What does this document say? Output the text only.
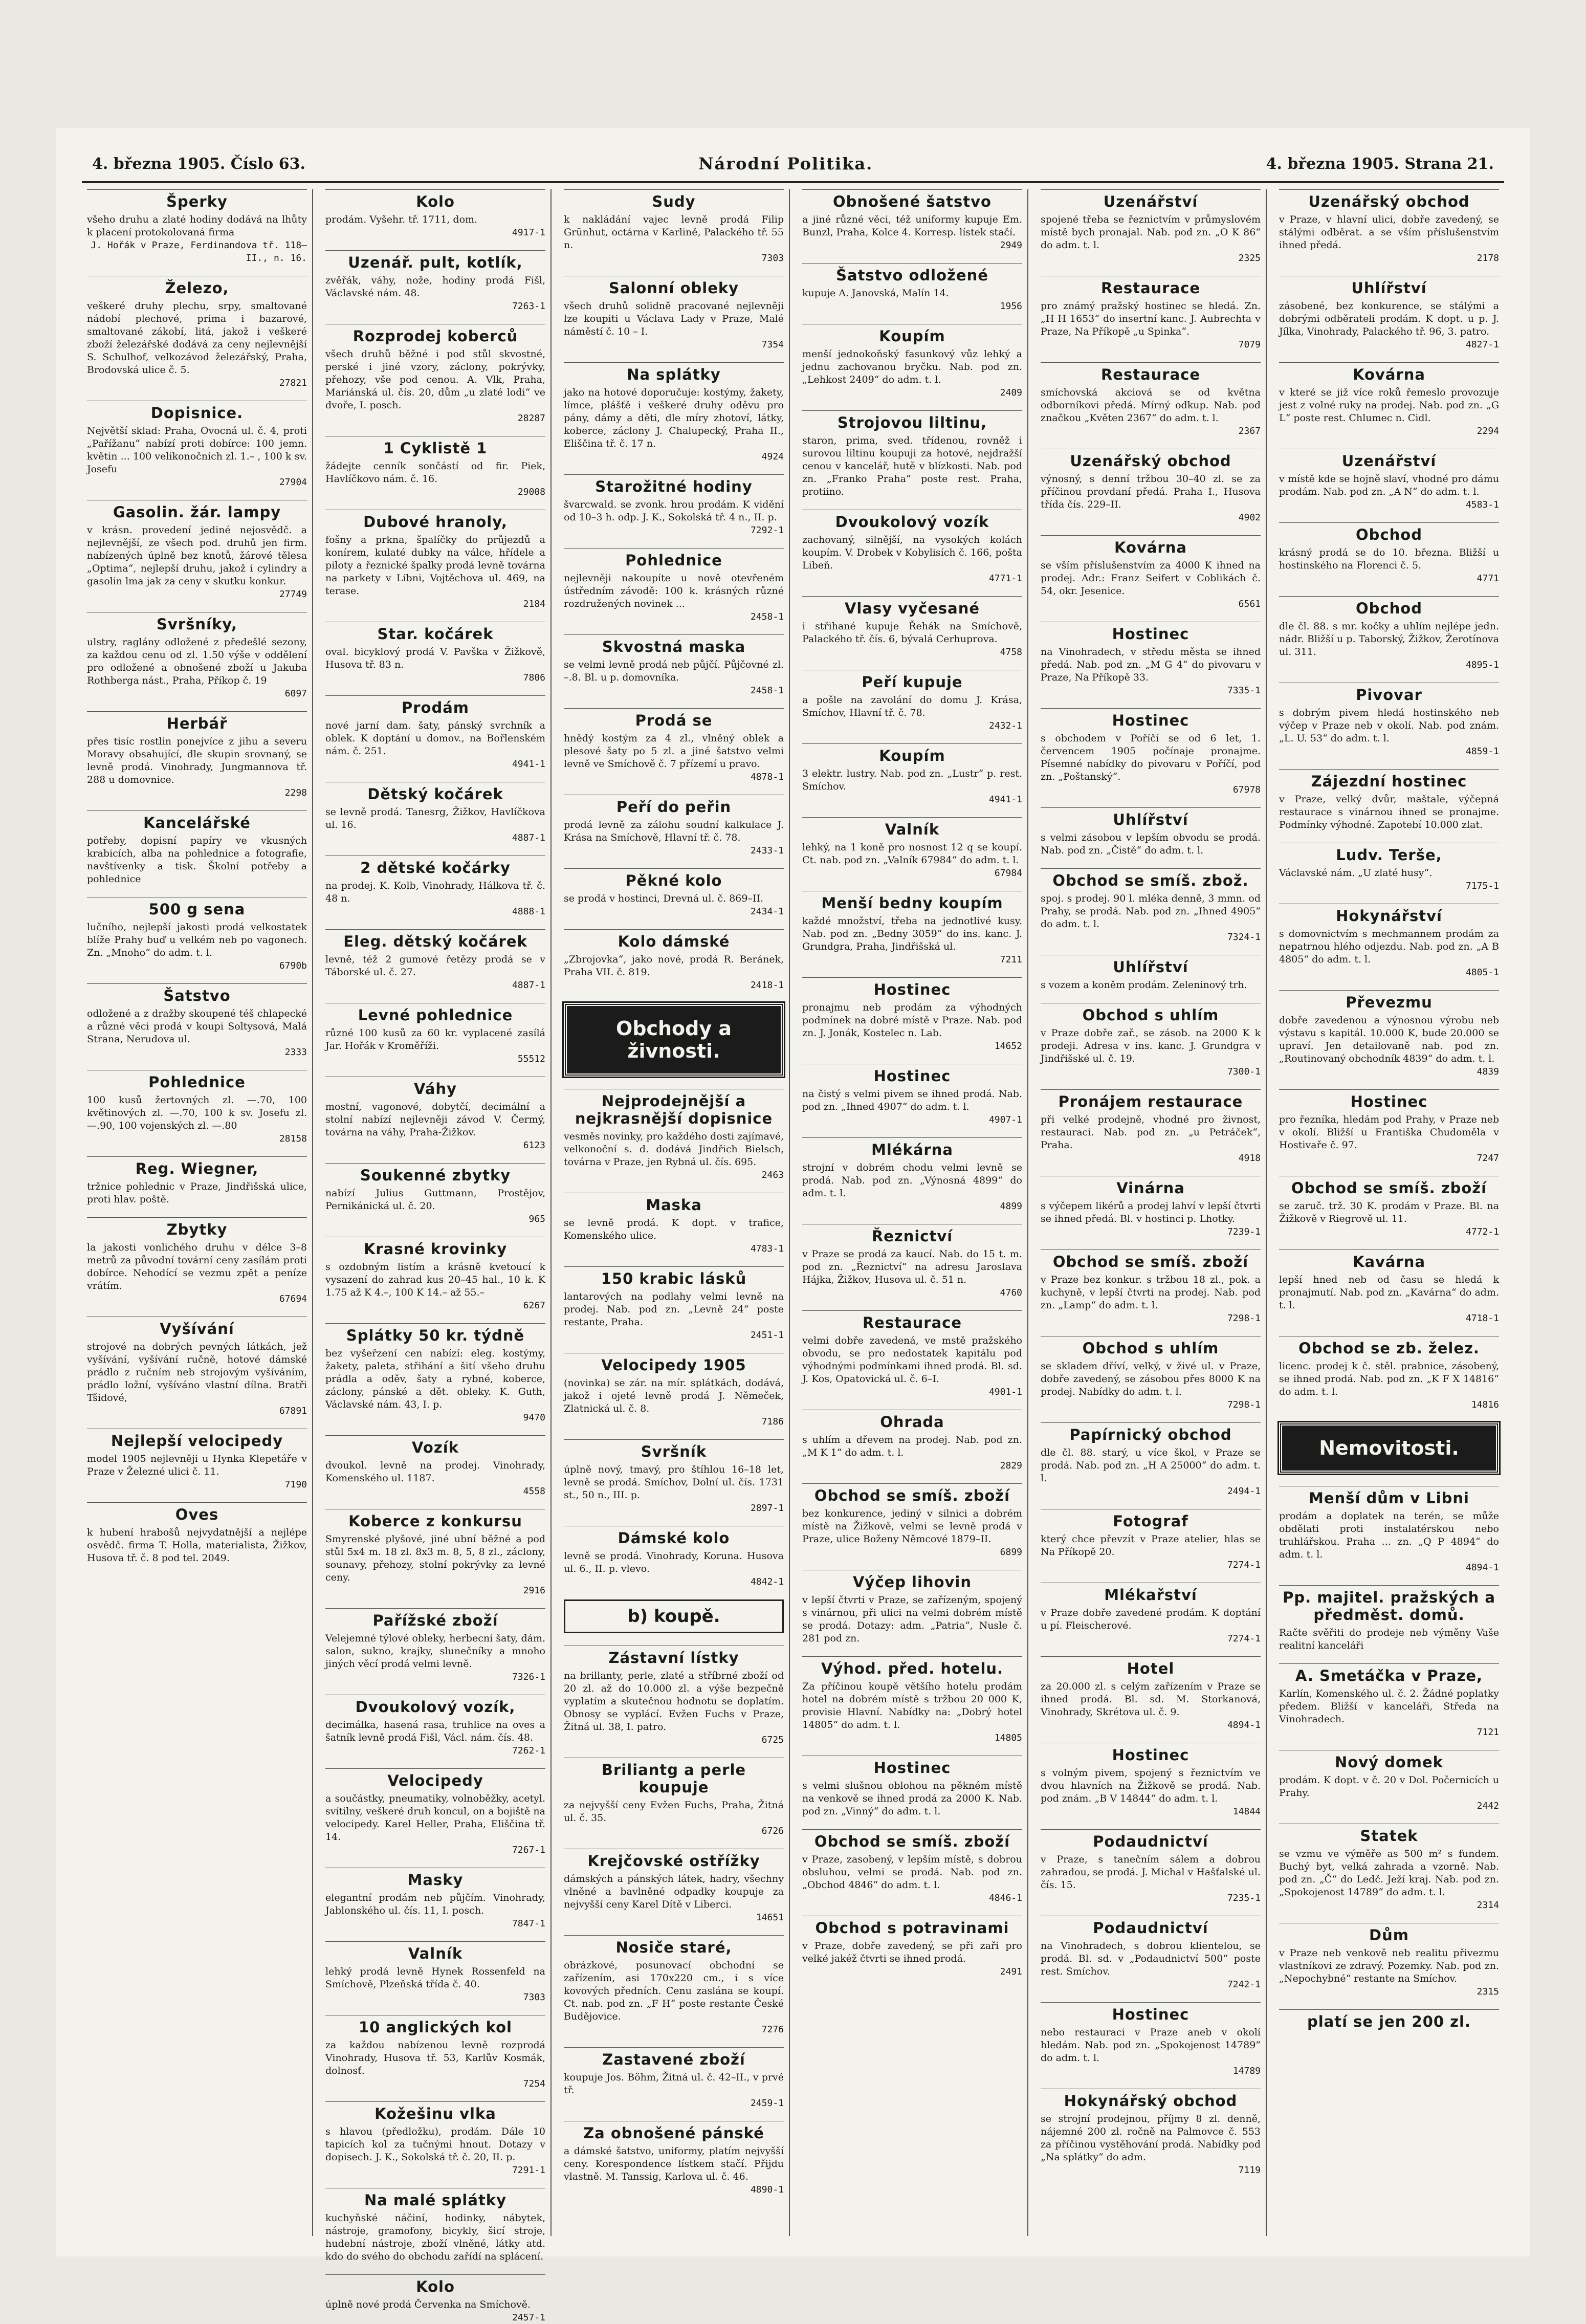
4. března 1905. Číslo 63.	Národní Politika.	4. března 1905. Strana 21.
Šperky

všeho druhu a zlaté hodiny dodává na lhůty k placení protokolovaná firma

J. Hořák v Praze, Ferdinandova tř. 118–II., n. 16.

Železo,

veškeré druhy plechu, srpy, smaltované nádobí plechové, prima i bazarové, smaltované zákobí, litá, jakož i veškeré zboží železářské dodává za ceny nejlevnější S. Schulhof, velkozávod železářský, Praha, Brodovská ulice č. 5.

27821

Dopisnice.

Největší sklad: Praha, Ovocná ul. č. 4, proti „Pařížanu“ nabízí proti dobírce: 100 jemn. květin ... 100 velikonočních zl. 1.– , 100 k sv. Josefu

27904

Gasolin. žár. lampy

v krásn. provedení jediné nejosvědč. a nejlevnější, ze všech pod. druhů jen firm. nabízených úplně bez knotů, žárové tělesa „Optima“, nejlepší druhu, jakož i cylindry a gasolin lma jak za ceny v skutku konkur.

27749

Svršníky,

ulstry, raglány odložené z předešlé sezony, za každou cenu od zl. 1.50 výše v oddělení pro odložené a obnošené zboží u Jakuba Rothberga nást., Praha, Příkop č. 19

6097

Herbář

přes tisíc rostlin ponejvíce z jihu a severu Moravy obsahující, dle skupin srovnaný, se levně prodá. Vinohrady, Jungmannova tř. 288 u domovnice.

2298

Kancelářské

potřeby, dopisní papíry ve vkusných krabicích, alba na pohlednice a fotografie, navštívenky a tisk. Školní potřeby a pohlednice

500 g sena

lučního, nejlepší jakosti prodá velkostatek blíže Prahy buď u velkém neb po vagonech. Zn. „Mnoho“ do adm. t. l.

6790b

Šatstvo

odložené a z dražby skoupené téš chlapecké a různé věci prodá v koupi Soltysová, Malá Strana, Nerudova ul.

2333

Pohlednice

100 kusů žertovných zl. —.70, 100 květinových zl. —.70, 100 k sv. Josefu zl. —.90, 100 vojenských zl. —.80

28158

Reg. Wiegner,

tržnice pohlednic v Praze, Jindřišská ulice, proti hlav. poště.

Zbytky

la jakosti vonlichého druhu v délce 3–8 metrů za původní tovární ceny zasílám proti dobírce. Nehodící se vezmu zpět a peníze vrátím.

67694

Vyšívání

strojové na dobrých pevných látkách, jež vyšívání, vyšívání ručně, hotové dámské prádlo z ručním neb strojovým vyšíváním, prádlo ložní, vyšíváno vlastní dílna. Bratři Tšidové,

67891

Nejlepší velocipedy

model 1905 nejlevněji u Hynka Klepetáře v Praze v Železné ulici č. 11.

7190

Oves

k hubení hrabošů nejvydatnější a nejlépe osvědč. firma T. Holla, materialista, Žižkov, Husova tř. č. 8 pod tel. 2049.

Kolo

prodám. Vyšehr. tř. 1711, dom.

4917-1

Uzenář. pult, kotlík,

zvěřák, váhy, nože, hodiny prodá Fišl, Václavské nám. 48.

7263-1

Rozprodej koberců

všech druhů běžné i pod stůl skvostné, perské i jiné vzory, záclony, pokrývky, přehozy, vše pod cenou. A. Vlk, Praha, Mariánská ul. čís. 20, dům „u zlaté lodi“ ve dvoře, I. posch.

28287

1 Cyklistě 1

žádejte cenník sončástí od fir. Piek, Havlíčkovo nám. č. 16.

29008

Dubové hranoly,

fošny a prkna, špalíčky do průjezdů a konírem, kulaté dubky na válce, hřídele a piloty a řeznické špalky prodá levně továrna na parkety v Libni, Vojtěchova ul. 469, na terase.

2184

Star. kočárek

oval. bicyklový prodá V. Pavška v Žižkově, Husova tř. 83 n.

7806

Prodám

nové jarní dam. šaty, pánský svrchník a oblek. K doptání u domov., na Bořlenském nám. č. 251.

4941-1

Dětský kočárek

se levně prodá. Tanesrg, Žižkov, Havlíčkova ul. 16.

4887-1

2 dětské kočárky

na prodej. K. Kolb, Vinohrady, Hálkova tř. č. 48 n.

4888-1

Eleg. dětský kočárek

levně, též 2 gumové řetězy prodá se v Táborské ul. č. 27.

4887-1

Levné pohlednice

různé 100 kusů za 60 kr. vyplacené zasílá Jar. Hořák v Kroměříži.

55512

Váhy

mostní, vagonové, dobytčí, decimální a stolní nabízí nejlevněji závod V. Čermý, továrna na váhy, Praha-Žižkov.

6123

Soukenné zbytky

nabízí Julius Guttmann, Prostějov, Pernikánická ul. č. 20.

965

Krasné krovinky

s ozdobným listím a krásně kvetoucí k vysazení do zahrad kus 20–45 hal., 10 k. K 1.75 až K 4.–, 100 K 14.– až 55.–

6267

Splátky 50 kr. týdně

bez vyšeřzení cen nabízí: eleg. kostýmy, žakety, paleta, střihání a šití všeho druhu prádla a oděv, šaty a rybné, koberce, záclony, pánské a dět. obleky. K. Guth, Václavské nám. 43, I. p.

9470

Vozík

dvoukol. levně na prodej. Vinohrady, Komenského ul. 1187.

4558

Koberce z konkursu

Smyrenské plyšové, jiné ubní běžné a pod stůl 5x4 m. 18 zl. 8x3 m. 8, 5, 8 zl., záclony, sounavy, přehozy, stolní pokrývky za levné ceny.

2916

Pařížské zboží

Velejemné týlové obleky, herbecní šaty, dám. salon, sukno, krajky, slunečníky a mnoho jiných věcí prodá velmi levně.

7326-1

Dvoukolový vozík,

decimálka, hasená rasa, truhlice na oves a šatník levně prodá Fišl, Václ. nám. čís. 48.

7262-1

Velocipedy

a součástky, pneumatiky, volnoběžky, acetyl. svítilny, veškeré druh koncul, on a bojiště na velocipedy. Karel Heller, Praha, Eliščina tř. 14.

7267-1

Masky

elegantní prodám neb půjčím. Vinohrady, Jablonského ul. čís. 11, I. posch.

7847-1

Valník

lehký prodá levně Hynek Rossenfeld na Smíchově, Plzeňská třída č. 40.

7303

10 anglických kol

za každou nabízenou levně rozprodá Vinohrady, Husova tř. 53, Karlův Kosmák, dolnosť.

7254

Kožešinu vlka

s hlavou (předložku), prodám. Dále 10 tapicích kol za tučnými hnout. Dotazy v dopisech. J. K., Sokolská tř. č. 20, II. p.

7291-1

Na malé splátky

kuchyňské náčiní, hodinky, nábytek, nástroje, gramofony, bicykly, šicí stroje, hudební nástroje, zboží vlněné, látky atd. kdo do svého do obchodu zařídí na splácení.

Kolo

úplně nové prodá Červenka na Smíchově.

2457-1

Sudy

k nakládání vajec levně prodá Filip Grünhut, octárna v Karlině, Palackého tř. 55 n.

7303

Salonní obleky

všech druhů solidně pracované nejlevněji lze koupiti u Václava Lady v Praze, Malé náměstí č. 10 – I.

7354

Na splátky

jako na hotové doporučuje: kostýmy, žakety, límce, plášťě i veškeré druhy oděvu pro pány, dámy a děti, dle míry zhotoví, látky, koberce, záclony J. Chalupecký, Praha II., Eliščina tř. č. 17 n.

4924

Starožitné hodiny

švarcwald. se zvonk. hrou prodám. K vidění od 10–3 h. odp. J. K., Sokolská tř. 4 n., II. p.

7292-1

Pohlednice

nejlevněji nakoupíte u nově otevřeném ústředním závodě: 100 k. krásných různé rozdružených novinek ...

2458-1

Skvostná maska

se velmi levně prodá neb půjčí. Půjčovné zl. –.8. Bl. u p. domovníka.

2458-1

Prodá se

hnědý kostým za 4 zl., vlněný oblek a plesové šaty po 5 zl. a jiné šatstvo velmi levně ve Smíchově č. 7 přízemí u pravo.

4878-1

Peří do peřin

prodá levně za zálohu soudní kalkulace J. Krása na Smíchově, Hlavní tř. č. 78.

2433-1

Pěkné kolo

se prodá v hostinci, Drevná ul. č. 869–II.

2434-1

Kolo dámské

„Zbrojovka“, jako nové, prodá R. Beránek, Praha VII. č. 819.

2418-1

Obchody a živnosti.
Nejprodejnější a nejkrasnější dopisnice

vesměs novinky, pro každého dosti zajímavé, velkonoční s. d. dodává Jindřich Bielsch, továrna v Praze, jen Rybná ul. čís. 695.

2463

Maska

se levně prodá. K dopt. v trafice, Komenského ulice.

4783-1

150 krabic lásků

lantarových na podlahy velmi levně na prodej. Nab. pod zn. „Levně 24“ poste restante, Praha.

2451-1

Velocipedy 1905

(novinka) se zár. na mír. splátkách, dodává, jakož i ojeté levně prodá J. Němeček, Zlatnická ul. č. 8.

7186

Svršník

úplně nový, tmavý, pro štíhlou 16–18 let, levně se prodá. Smíchov, Dolní ul. čís. 1731 st., 50 n., III. p.

2897-1

Dámské kolo

levně se prodá. Vinohrady, Koruna. Husova ul. 6., II. p. vlevo.

4842-1

b) koupě.
Zástavní lístky

na brillanty, perle, zlaté a stříbrné zboží od 20 zl. až do 10.000 zl. a výše bezpečně vyplatím a skutečnou hodnotu se doplatím. Obnosy se vyplácí. Evžen Fuchs v Praze, Žitná ul. 38, I. patro.

6725

Briliantg a perle koupuje

za nejvyšší ceny Evžen Fuchs, Praha, Žitná ul. č. 35.

6726

Krejčovské ostřížky

dámských a pánských látek, hadry, všechny vlněné a bavlněné odpadky koupuje za nejvyšší ceny Karel Dítě v Liberci.

14651

Nosiče staré,

obrázkové, posunovací obchodní se zařízením, asi 170x220 cm., i s více kovových předních. Cenu zaslána se koupí. Ct. nab. pod zn. „F H“ poste restante České Budějovice.

7276

Zastavené zboží

koupuje Jos. Böhm, Žitná ul. č. 42–II., v prvé tř.

2459-1

Za obnošené pánské

a dámské šatstvo, uniformy, platím nejvyšší ceny. Korespondence lístkem stačí. Přijdu vlastně. M. Tanssig, Karlova ul. č. 46.

4890-1

Obnošené šatstvo

a jiné různé věci, též uniformy kupuje Em. Bunzl, Praha, Kolce 4. Korresp. lístek stačí.

2949

Šatstvo odložené

kupuje A. Janovská, Malín 14.

1956

Koupím

menší jednokoňský fasunkový vůz lehký a jednu zachovanou bryčku. Nab. pod zn. „Lehkost 2409“ do adm. t. l.

2409

Strojovou liltinu,

staron, prima, sved. třídenou, rovněž i surovou liltinu koupuji za hotové, nejdražší cenou v kancelář, hutě v blízkosti. Nab. pod zn. „Franko Praha“ poste rest. Praha, protiino.

Dvoukolový vozík

zachovaný, silnější, na vysokých kolách koupím. V. Drobek v Kobylisích č. 166, pošta Libeň.

4771-1

Vlasy vyčesané

i střihané kupuje Řehák na Smíchově, Palackého tř. čís. 6, bývalá Cerhuprova.

4758

Peří kupuje

a pošle na zavolání do domu J. Krása, Smíchov, Hlavní tř. č. 78.

2432-1

Koupím

3 elektr. lustry. Nab. pod zn. „Lustr“ p. rest. Smíchov.

4941-1

Valník

lehký, na 1 koně pro nosnost 12 q se koupí. Ct. nab. pod zn. „Valník 67984“ do adm. t. l.

67984

Menší bedny koupím

každé množství, třeba na jednotlivé kusy. Nab. pod zn. „Bedny 3059“ do ins. kanc. J. Grundgra, Praha, Jindřišská ul.

7211

Hostinec

pronajmu neb prodám za výhodných podmínek na dobré místě v Praze. Nab. pod zn. J. Jonák, Kostelec n. Lab.

14652

Hostinec

na čistý s velmi pivem se ihned prodá. Nab. pod zn. „Ihned 4907“ do adm. t. l.

4907-1

Mlékárna

strojní v dobrém chodu velmi levně se prodá. Nab. pod zn. „Výnosná 4899“ do adm. t. l.

4899

Řeznictví

v Praze se prodá za kaucí. Nab. do 15 t. m. pod zn. „Řeznictví“ na adresu Jaroslava Hájka, Žižkov, Husova ul. č. 51 n.

4760

Restaurace

velmi dobře zavedená, ve mstě pražského obvodu, se pro nedostatek kapitálu pod výhodnými podmínkami ihned prodá. Bl. sd. J. Kos, Opatovická ul. č. 6–I.

4901-1

Ohrada

s uhlím a dřevem na prodej. Nab. pod zn. „M K 1“ do adm. t. l.

2829

Obchod se smíš. zboží

bez konkurence, jediný v silnici a dobrém místě na Žižkově, velmi se levně prodá v Praze, ulice Boženy Němcové 1879–II.

6899

Výčep lihovin

v lepší čtvrti v Praze, se zařízeným, spojený s vinárnou, při ulici na velmi dobrém místě se prodá. Dotazy: adm. „Patria“, Nusle č. 281 pod zn.

Výhod. před. hotelu.

Za příčinou koupě většího hotelu prodám hotel na dobrém místě s tržbou 20 000 K, provisie Hlavní. Nabídky na: „Dobrý hotel 14805“ do adm. t. l.

14805

Hostinec

s velmi slušnou oblohou na pěkném místě na venkově se ihned prodá za 2000 K. Nab. pod zn. „Vinný“ do adm. t. l.

Obchod se smíš. zboží

v Praze, zasobený, v lepším místě, s dobrou obsluhou, velmi se prodá. Nab. pod zn. „Obchod 4846“ do adm. t. l.

4846-1

Obchod s potravinami

v Praze, dobře zavedený, se při zaři pro velké jakéž čtvrti se ihned prodá.

2491

Uzenářství

spojené třeba se řeznictvím v průmyslovém místě bych pronajal. Nab. pod zn. „O K 86“ do adm. t. l.

2325

Restaurace

pro známý pražský hostinec se hledá. Zn. „H H 1653“ do insertní kanc. J. Aubrechta v Praze, Na Příkopě „u Spinka“.

7079

Restaurace

smíchovská akciová se od května odborníkovi předá. Mírný odkup. Nab. pod značkou „Květen 2367“ do adm. t. l.

2367

Uzenářský obchod

výnosný, s denní tržbou 30–40 zl. se za příčinou provdaní předá. Praha I., Husova třída čís. 229–II.

4902

Kovárna

se vším příslušenstvím za 4000 K ihned na prodej. Adr.: Franz Seifert v Coblikách č. 54, okr. Jesenice.

6561

Hostinec

na Vinohradech, v středu města se ihned předá. Nab. pod zn. „M G 4“ do pivovaru v Praze, Na Příkopě 33.

7335-1

Hostinec

s obchodem v Poříčí se od 6 let, 1. červencem 1905 počínaje pronajme. Písemné nabídky do pivovaru v Poříčí, pod zn. „Poštanský“.

67978

Uhlířství

s velmi zásobou v lepším obvodu se prodá. Nab. pod zn. „Čistě“ do adm. t. l.

Obchod se smíš. zbož.

spoj. s prodej. 90 l. mléka denně, 3 mmn. od Prahy, se prodá. Nab. pod zn. „Ihned 4905“ do adm. t. l.

7324-1

Uhlířství

s vozem a koněm prodám. Zeleninový trh.

Obchod s uhlím

v Praze dobře zař., se zásob. na 2000 K k prodeji. Adresa v ins. kanc. J. Grundgra v Jindřišské ul. č. 19.

7300-1

Pronájem restaurace

při velké prodejně, vhodné pro živnost, restauraci. Nab. pod zn. „u Petráček“, Praha.

4918

Vinárna

s výčepem likérů a prodej lahví v lepší čtvrti se ihned předá. Bl. v hostinci p. Lhotky.

7239-1

Obchod se smíš. zboží

v Praze bez konkur. s tržbou 18 zl., pok. a kuchyně, v lepší čtvrti na prodej. Nab. pod zn. „Lamp“ do adm. t. l.

7298-1

Obchod s uhlím

se skladem dříví, velký, v živé ul. v Praze, dobře zavedený, se zásobou přes 8000 K na prodej. Nabídky do adm. t. l.

7298-1

Papírnický obchod

dle čl. 88. starý, u více škol, v Praze se prodá. Nab. pod zn. „H A 25000“ do adm. t. l.

2494-1

Fotograf

který chce převzít v Praze atelier, hlas se Na Příkopě 20.

7274-1

Mlékařství

v Praze dobře zavedené prodám. K doptání u pí. Fleischerové.

7274-1

Hotel

za 20.000 zl. s celým zařízením v Praze se ihned prodá. Bl. sd. M. Storkanová, Vinohrady, Skrétova ul. č. 9.

4894-1

Hostinec

s volným pivem, spojený s řeznictvím ve dvou hlavních na Žižkově se prodá. Nab. pod znám. „B V 14844“ do adm. t. l.

14844

Podaudnictví

v Praze, s tanečním sálem a dobrou zahradou, se prodá. J. Michal v Hašťalské ul. čís. 15.

7235-1

Podaudnictví

na Vinohradech, s dobrou klientelou, se prodá. Bl. sd. v „Podaudnictví 500“ poste rest. Smíchov.

7242-1

Hostinec

nebo restauraci v Praze aneb v okolí hledám. Nab. pod zn. „Spokojenost 14789“ do adm. t. l.

14789

Hokynářský obchod

se strojní prodejnou, příjmy 8 zl. denně, nájemné 200 zl. ročně na Palmovce č. 553 za příčinou vystěhování prodá. Nabídky pod „Na splátky“ do adm.

7119

Uzenářský obchod

v Praze, v hlavní ulici, dobře zavedený, se stálými odběrat. a se vším příslušenstvím ihned předá.

2178

Uhlířství

zásobené, bez konkurence, se stálými a dobrými odběrateli prodám. K dopt. u p. J. Jílka, Vinohrady, Palackého tř. 96, 3. patro.

4827-1

Kovárna

v které se již více roků řemeslo provozuje jest z volné ruky na prodej. Nab. pod zn. „G L“ poste rest. Chlumec n. Cidl.

2294

Uzenářství

v místě kde se hojně slaví, vhodné pro dámu prodám. Nab. pod zn. „A N“ do adm. t. l.

4583-1

Obchod

krásný prodá se do 10. března. Bližší u hostinského na Florenci č. 5.

4771

Obchod

dle čl. 88. s mr. kočky a uhlím nejlépe jedn. nádr. Bližší u p. Taborský, Žižkov, Žerotínova ul. 311.

4895-1

Pivovar

s dobrým pivem hledá hostinského neb výčep v Praze neb v okolí. Nab. pod znám. „L. U. 53“ do adm. t. l.

4859-1

Zájezdní hostinec

v Praze, velký dvůr, maštale, výčepná restaurace s vinárnou ihned se pronajme. Podmínky výhodné. Zapotebí 10.000 zlat.

Ludv. Terše,

Václavské nám. „U zlaté husy“.

7175-1

Hokynářství

s domovnictvím s mechmannem prodám za nepatrnou hlého odjezdu. Nab. pod zn. „A B 4805“ do adm. t. l.

4805-1

Převezmu

dobře zavedenou a výnosnou výrobu neb výstavu s kapitál. 10.000 K, bude 20.000 se upraví. Jen detailovaně nab. pod zn. „Routinovaný obchodník 4839“ do adm. t. l.

4839

Hostinec

pro řezníka, hledám pod Prahy, v Praze neb v okolí. Bližší u Františka Chudoměla v Hostivaře č. 97.

7247

Obchod se smíš. zboží

se zaruč. trž. 30 K. prodám v Praze. Bl. na Žižkově v Riegrově ul. 11.

4772-1

Kavárna

lepší hned neb od času se hledá k pronajmutí. Nab. pod zn. „Kavárna“ do adm. t. l.

4718-1

Obchod se zb. želez.

licenc. prodej k č. stěl. prabnice, zásobený, se ihned prodá. Nab. pod zn. „K F X 14816“ do adm. t. l.

14816

Nemovitosti.
Menší dům v Libni

prodám a doplatek na terén, se může obdělati proti instalatérskou nebo truhlářskou. Praha ... zn. „Q P 4894“ do adm. t. l.

4894-1

Pp. majitel. pražských a předměst. domů.

Račte svěřiti do prodeje neb výměny Vaše realitní kanceláři

A. Smetáčka v Praze,

Karlín, Komenského ul. č. 2. Žádné poplatky předem. Bližší v kanceláři, Středa na Vinohradech.

7121

Nový domek

prodám. K dopt. v č. 20 v Dol. Počernicích u Prahy.

2442

Statek

se vzmu ve výměře as 500 m² s fundem. Buchý byt, velká zahrada a vzorně. Nab. pod zn. „Č“ do Ledč. Ježí kraj. Nab. pod zn. „Spokojenost 14789“ do adm. t. l.

2314

Dům

v Praze neb venkově neb realitu přivezmu vlastníkovi ze zdravý. Pozemky. Nab. pod zn. „Nepochybné“ restante na Smíchov.

2315

platí se jen 200 zl.
